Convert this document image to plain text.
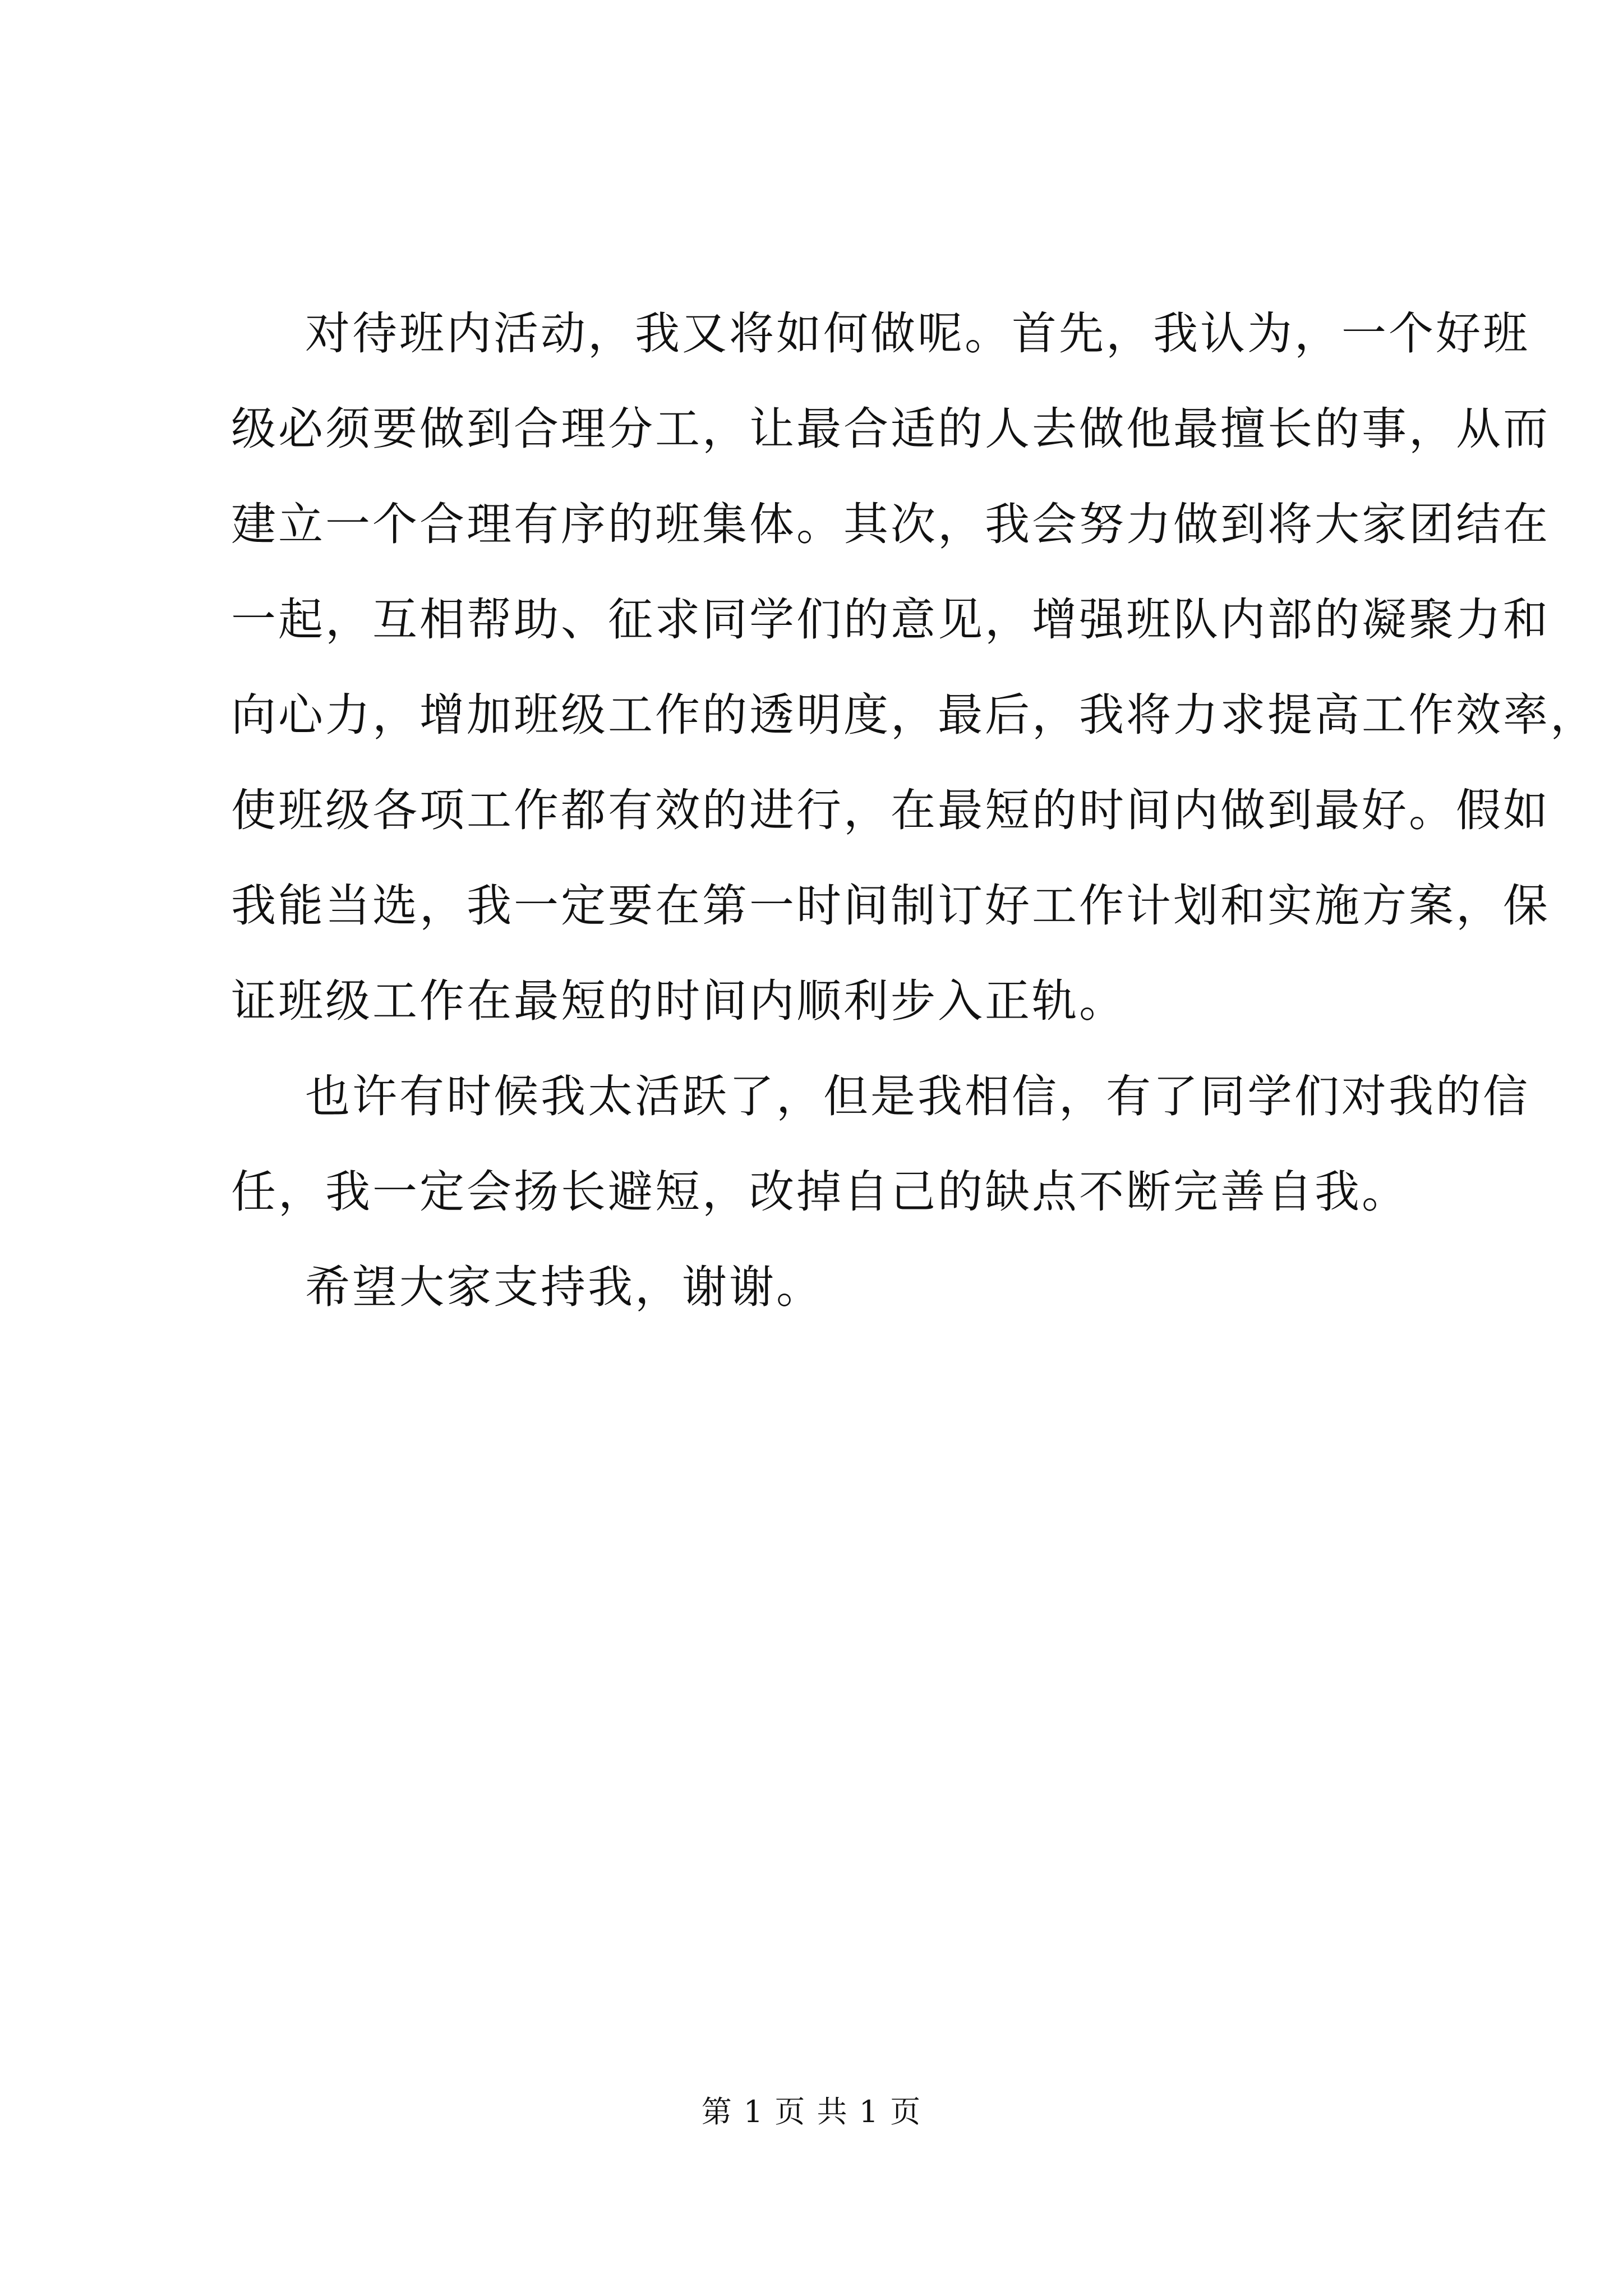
对待班内活动，我又将如何做呢。首先，我认为，一个好班
级必须要做到合理分工，让最合适的人去做他最擅长的事，从而
建立一个合理有序的班集体。其次，我会努力做到将大家团结在
一起，互相帮助、征求同学们的意见，增强班队内部的凝聚力和
向心力，增加班级工作的透明度，最后，我将力求提高工作效率，
使班级各项工作都有效的进行，在最短的时间内做到最好。假如
我能当选，我一定要在第一时间制订好工作计划和实施方案，保
证班级工作在最短的时间内顺利步入正轨。
也许有时候我太活跃了，但是我相信，有了同学们对我的信
任，我一定会扬长避短，改掉自己的缺点不断完善自我。
希望大家支持我，谢谢。
第 1 页 共 1 页
